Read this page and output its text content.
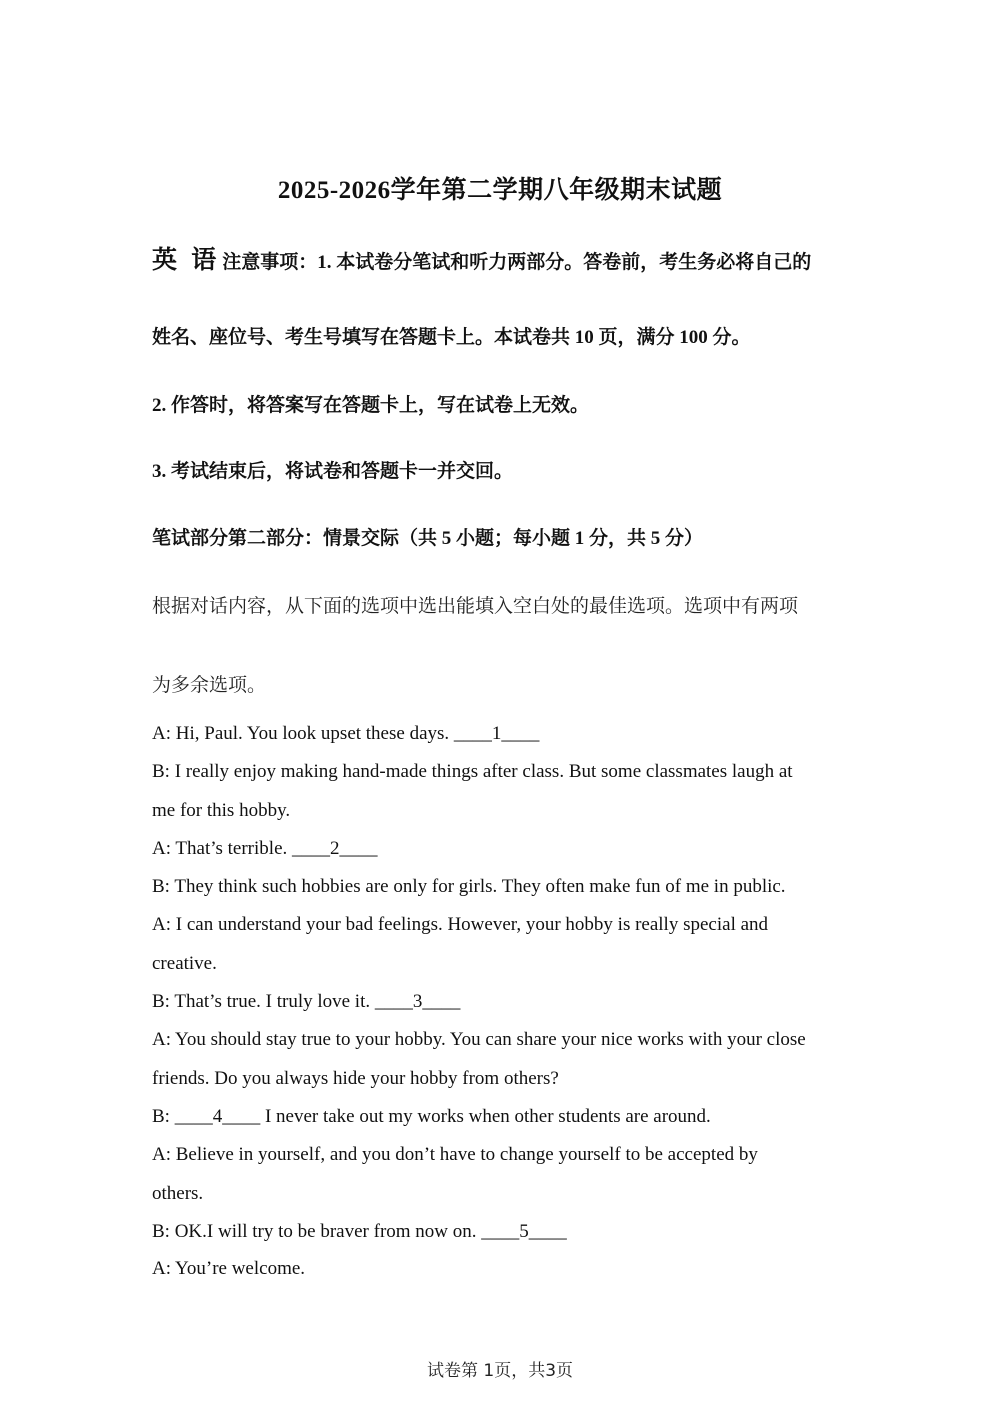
2025-2026学年第二学期八年级期末试题
英 语 注意事项：1. 本试卷分笔试和听力两部分。答卷前，考生务必将自己的
姓名、座位号、考生号填写在答题卡上。本试卷共 10 页，满分 100 分。
2. 作答时，将答案写在答题卡上，写在试卷上无效。
3. 考试结束后，将试卷和答题卡一并交回。
笔试部分第二部分：情景交际（共 5 小题；每小题 1 分，共 5 分）
根据对话内容，从下面的选项中选出能填入空白处的最佳选项。选项中有两项
为多余选项。
A: Hi, Paul. You look upset these days. ____1____
B: I really enjoy making hand-made things after class. But some classmates laugh at
me for this hobby.
A: That’s terrible. ____2____
B: They think such hobbies are only for girls. They often make fun of me in public.
A: I can understand your bad feelings. However, your hobby is really special and
creative.
B: That’s true. I truly love it. ____3____
A: You should stay true to your hobby. You can share your nice works with your close
friends. Do you always hide your hobby from others?
B: ____4____ I never take out my works when other students are around.
A: Believe in yourself, and you don’t have to change yourself to be accepted by
others.
B: OK.I will try to be braver from now on. ____5____
A: You’re welcome.
试卷第 1页，共3页
